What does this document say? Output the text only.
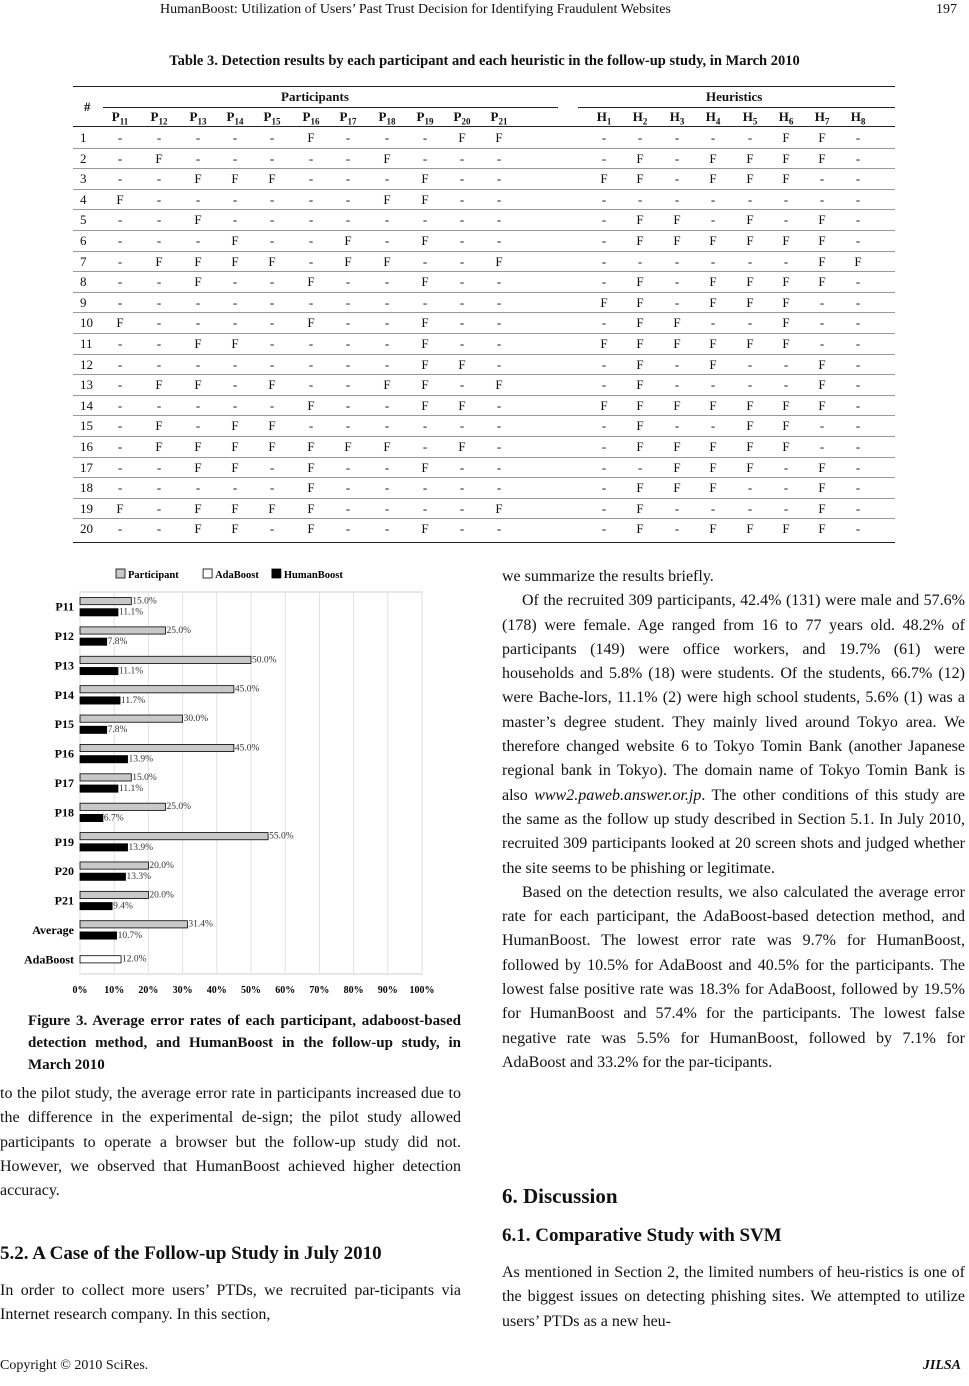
HumanBoost: Utilization of Users’ Past Trust Decision for Identifying Fraudulent Websites	197
Table 3. Detection results by each participant and each heuristic in the follow-up study, in March 2010
#
Participants	Heuristics
$P_{11}$	$P_{12}$	$P_{13}$	$P_{14}$	$P_{15}$	$P_{16}$	$P_{17}$	$P_{18}$	$P_{19}$	$P_{20}$	$P_{21}$	$H_1$	$H_2$	$H_3$	$H_4$	$H_5$	$H_6$	$H_7$	$H_8$
1	-	-	-	-	-	F	-	-	-	F	F	-	-	-	-	-	F	F	-
2	-	F	-	-	-	-	-	F	-	-	-	-	F	-	F	F	F	F	-
3	-	-	F	F	F	-	-	-	F	-	-	F	F	-	F	F	F	-	-
4	F	-	-	-	-	-	-	F	F	-	-	-	-	-	-	-	-	-	-
5	-	-	F	-	-	-	-	-	-	-	-	-	F	F	-	F	-	F	-
6	-	-	-	F	-	-	F	-	F	-	-	-	F	F	F	F	F	F	-
7	-	F	F	F	F	-	F	F	-	-	F	-	-	-	-	-	-	F	F
8	-	-	F	-	-	F	-	-	F	-	-	-	F	-	F	F	F	F	-
9	-	-	-	-	-	-	-	-	-	-	-	F	F	-	F	F	F	-	-
10	F	-	-	-	-	F	-	-	F	-	-	-	F	F	-	-	F	-	-
11	-	-	F	F	-	-	-	-	F	-	-	F	F	F	F	F	F	-	-
12	-	-	-	-	-	-	-	-	F	F	-	-	F	-	F	-	-	F	-
13	-	F	F	-	F	-	-	F	F	-	F	-	F	-	-	-	-	F	-
14	-	-	-	-	-	F	-	-	F	F	-	F	F	F	F	F	F	F	-
15	-	F	-	F	F	-	-	-	-	-	-	-	F	-	-	F	F	-	-
16	-	F	F	F	F	F	F	F	-	F	-	-	F	F	F	F	F	-	-
17	-	-	F	F	-	F	-	-	F	-	-	-	-	F	F	F	-	F	-
18	-	-	-	-	-	F	-	-	-	-	-	-	F	F	F	-	-	F	-
19	F	-	F	F	F	F	-	-	-	-	F	-	F	-	-	-	-	F	-
20	-	-	F	F	-	F	-	-	F	-	-	-	F	-	F	F	F	F	-
0% 10% 20% 30% 40% 50% 60% 70% 80% 90% 100%
Participant	AdaBoost HumanBoost
P11	15.0%
11.1%
P12	25.0%
7.8%
P13	50.0%
11.1%
P14	45.0%
11.7%
P15	30.0%
7.8%
P16	45.0%
13.9%
P17	15.0%
11.1%
P18	25.0%
6.7%
P19	55.0%
13.9%
P20	20.0%
13.3%
P21	20.0%
9.4%
Average	31.4%
10.7%
AdaBoost	12.0%
Figure 3. Average error rates of each participant, adaboost-based detection method, and HumanBoost in the follow-up study, in March 2010

to the pilot study, the average error rate in participants increased due to the difference in the experimental de-sign; the pilot study allowed participants to operate a browser but the follow-up study did not. However, we observed that HumanBoost achieved higher detection accuracy.

5.2. A Case of the Follow-up Study in July 2010

In order to collect more users’ PTDs, we recruited par-ticipants via Internet research company. In this section,

we summarize the results briefly.

Of the recruited 309 participants, 42.4% (131) were male and 57.6% (178) were female. Age ranged from 16 to 77 years old. 48.2% of participants (149) were office workers, and 19.7% (61) were households and 5.8% (18) were students. Of the students, 66.7% (12) were Bache-lors, 11.1% (2) were high school students, 5.6% (1) was a master’s degree student. They mainly lived around Tokyo area. We therefore changed website 6 to Tokyo Tomin Bank (another Japanese regional bank in Tokyo). The domain name of Tokyo Tomin Bank is also www2.paweb.answer.or.jp. The other conditions of this study are the same as the follow up study described in Section 5.1. In July 2010, recruited 309 participants looked at 20 screen shots and judged whether the site seems to be phishing or legitimate.

Based on the detection results, we also calculated the average error rate for each participant, the AdaBoost-based detection method, and HumanBoost. The lowest error rate was 9.7% for HumanBoost, followed by 10.5% for AdaBoost and 40.5% for the participants. The lowest false positive rate was 18.3% for AdaBoost, followed by 19.5% for HumanBoost and 57.4% for the participants. The lowest false negative rate was 5.5% for HumanBoost, followed by 7.1% for AdaBoost and 33.2% for the par-ticipants.

6. Discussion
6.1. Comparative Study with SVM

As mentioned in Section 2, the limited numbers of heu-ristics is one of the biggest issues on detecting phishing sites. We attempted to utilize users’ PTDs as a new heu-

Copyright © 2010 SciRes.	JILSA
